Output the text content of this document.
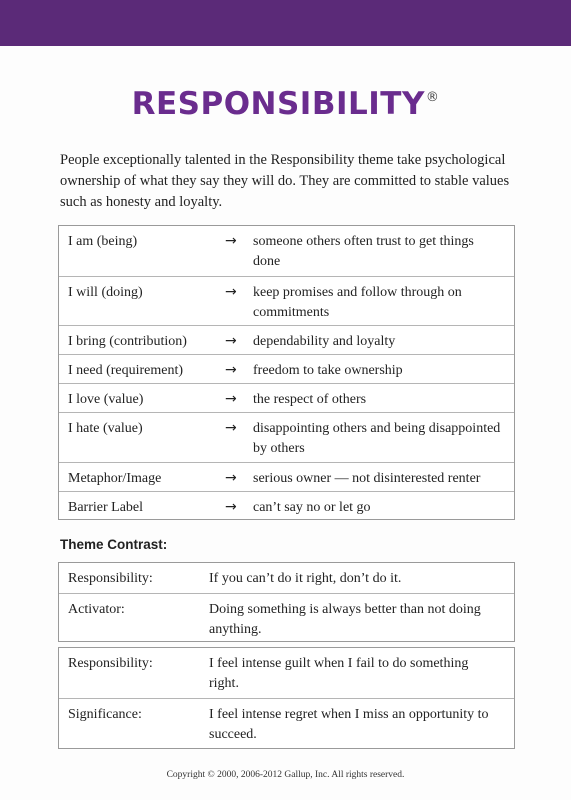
RESPONSIBILITY®
People exceptionally talented in the Responsibility theme take psychological ownership of what they say they will do. They are committed to stable values such as honesty and loyalty.
I am (being)	→ someone others often trust to get things done
I will (doing)	→ keep promises and follow through on commitments
I bring (contribution)	→ dependability and loyalty
I need (requirement)	→ freedom to take ownership
I love (value)	→ the respect of others
I hate (value)	→ disappointing others and being disappointed by others
Metaphor/Image	→ serious owner — not disinterested renter
Barrier Label	→ can’t say no or let go
Theme Contrast:
Responsibility:	If you can’t do it right, don’t do it.
Activator:	Doing something is always better than not doing anything.
Responsibility:	I feel intense guilt when I fail to do something right.
Significance:	I feel intense regret when I miss an opportunity to succeed.
Copyright © 2000, 2006-2012 Gallup, Inc. All rights reserved.
